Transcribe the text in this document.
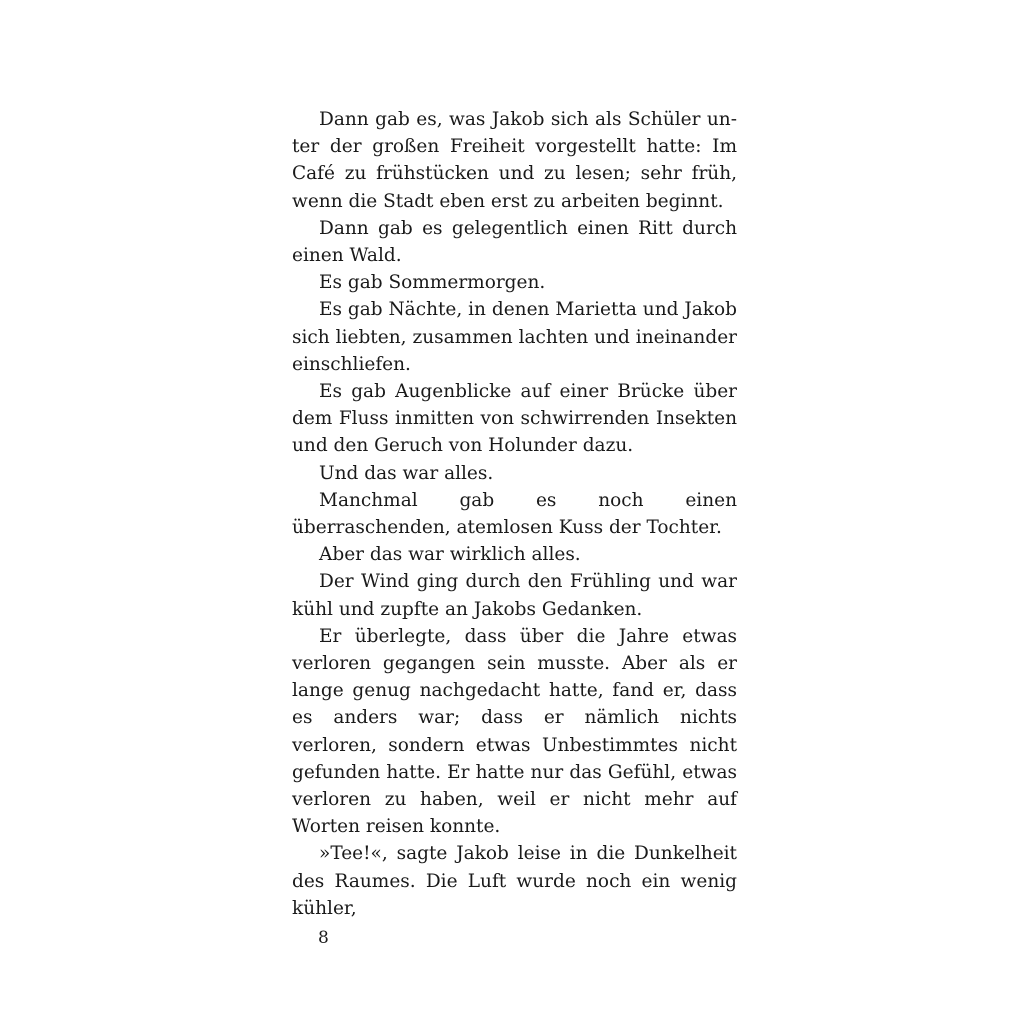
Dann gab es, was Jakob sich als Schüler unter der großen Freiheit vorgestellt hatte: Im Café zu frühstücken und zu lesen; sehr früh, wenn die Stadt eben erst zu arbeiten beginnt.

Dann gab es gelegentlich einen Ritt durch einen Wald.

Es gab Sommermorgen.

Es gab Nächte, in denen Marietta und Jakob sich liebten, zusammen lachten und ineinander einschliefen.

Es gab Augenblicke auf einer Brücke über dem Fluss inmitten von schwirrenden Insekten und den Geruch von Holunder dazu.

Und das war alles.

Manchmal gab es noch einen überraschenden, atemlosen Kuss der Tochter.

Aber das war wirklich alles.

Der Wind ging durch den Frühling und war kühl und zupfte an Jakobs Gedanken.

Er überlegte, dass über die Jahre etwas verloren gegangen sein musste. Aber als er lange genug nachgedacht hatte, fand er, dass es anders war; dass er nämlich nichts verloren, sondern etwas Unbestimmtes nicht gefunden hatte. Er hatte nur das Gefühl, etwas verloren zu haben, weil er nicht mehr auf Worten reisen konnte.

»Tee!«, sagte Jakob leise in die Dunkelheit des Raumes. Die Luft wurde noch ein wenig kühler,

8
